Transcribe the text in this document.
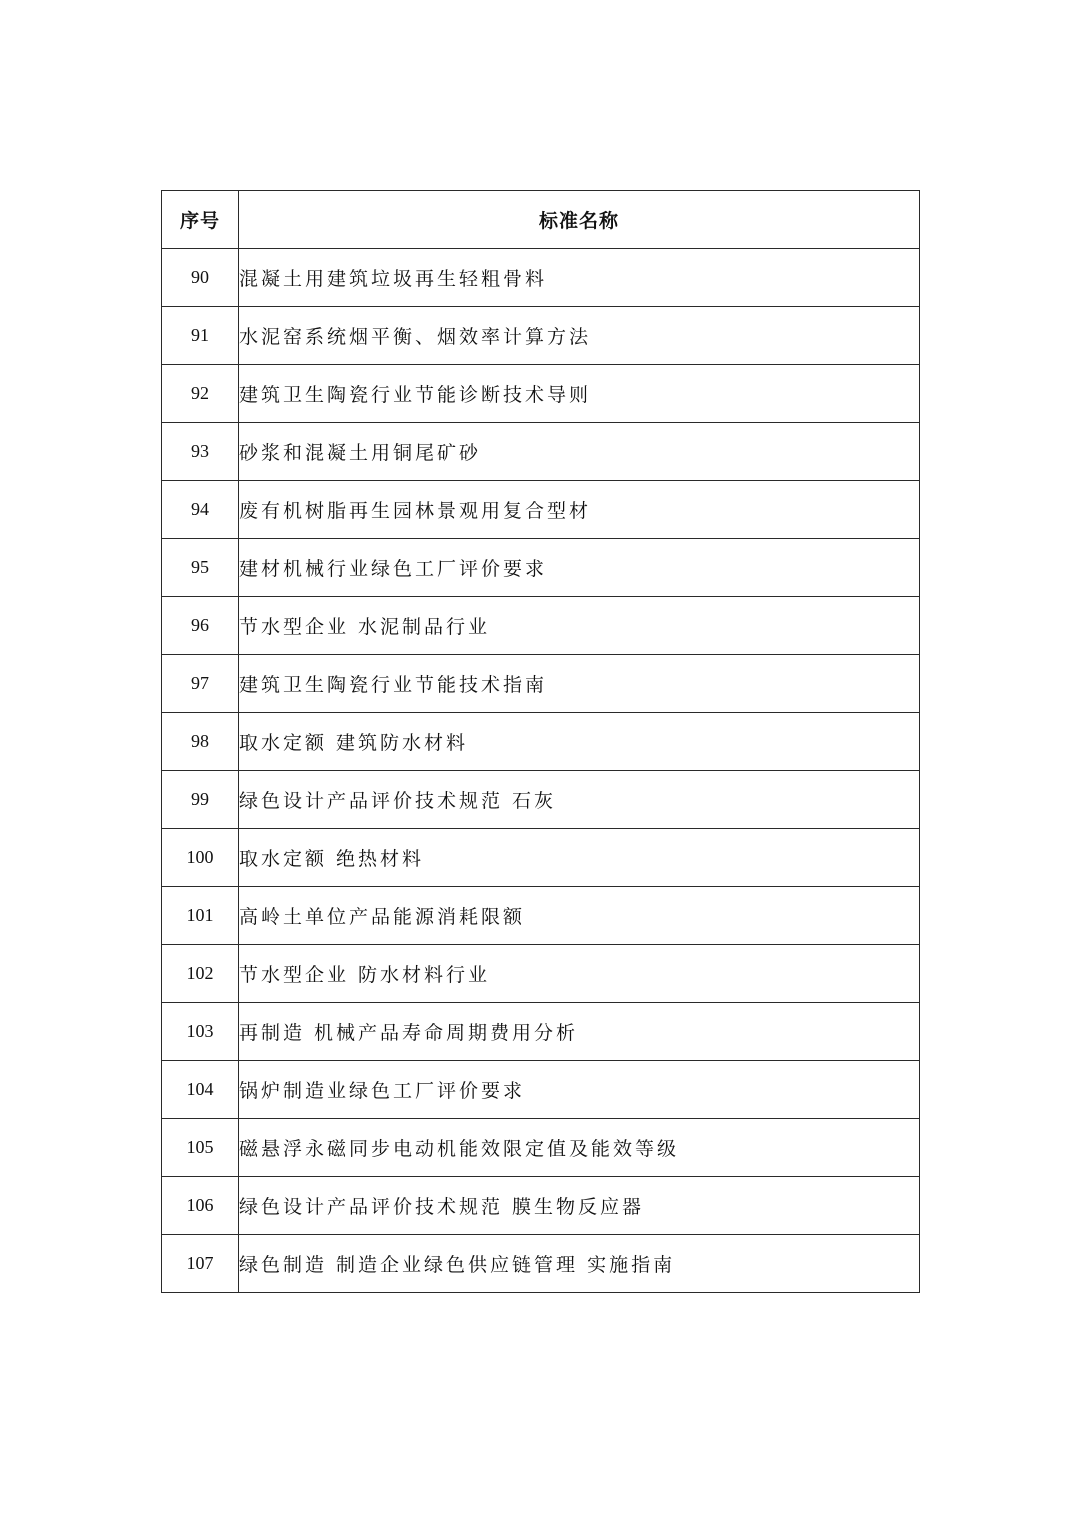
序号	标准名称
90	混凝土用建筑垃圾再生轻粗骨料
91	水泥窑系统烟平衡、烟效率计算方法
92	建筑卫生陶瓷行业节能诊断技术导则
93	砂浆和混凝土用铜尾矿砂
94	废有机树脂再生园林景观用复合型材
95	建材机械行业绿色工厂评价要求
96	节水型企业 水泥制品行业
97	建筑卫生陶瓷行业节能技术指南
98	取水定额 建筑防水材料
99	绿色设计产品评价技术规范 石灰
100	取水定额 绝热材料
101	高岭土单位产品能源消耗限额
102	节水型企业 防水材料行业
103	再制造 机械产品寿命周期费用分析
104	锅炉制造业绿色工厂评价要求
105	磁悬浮永磁同步电动机能效限定值及能效等级
106	绿色设计产品评价技术规范 膜生物反应器
107	绿色制造 制造企业绿色供应链管理 实施指南
